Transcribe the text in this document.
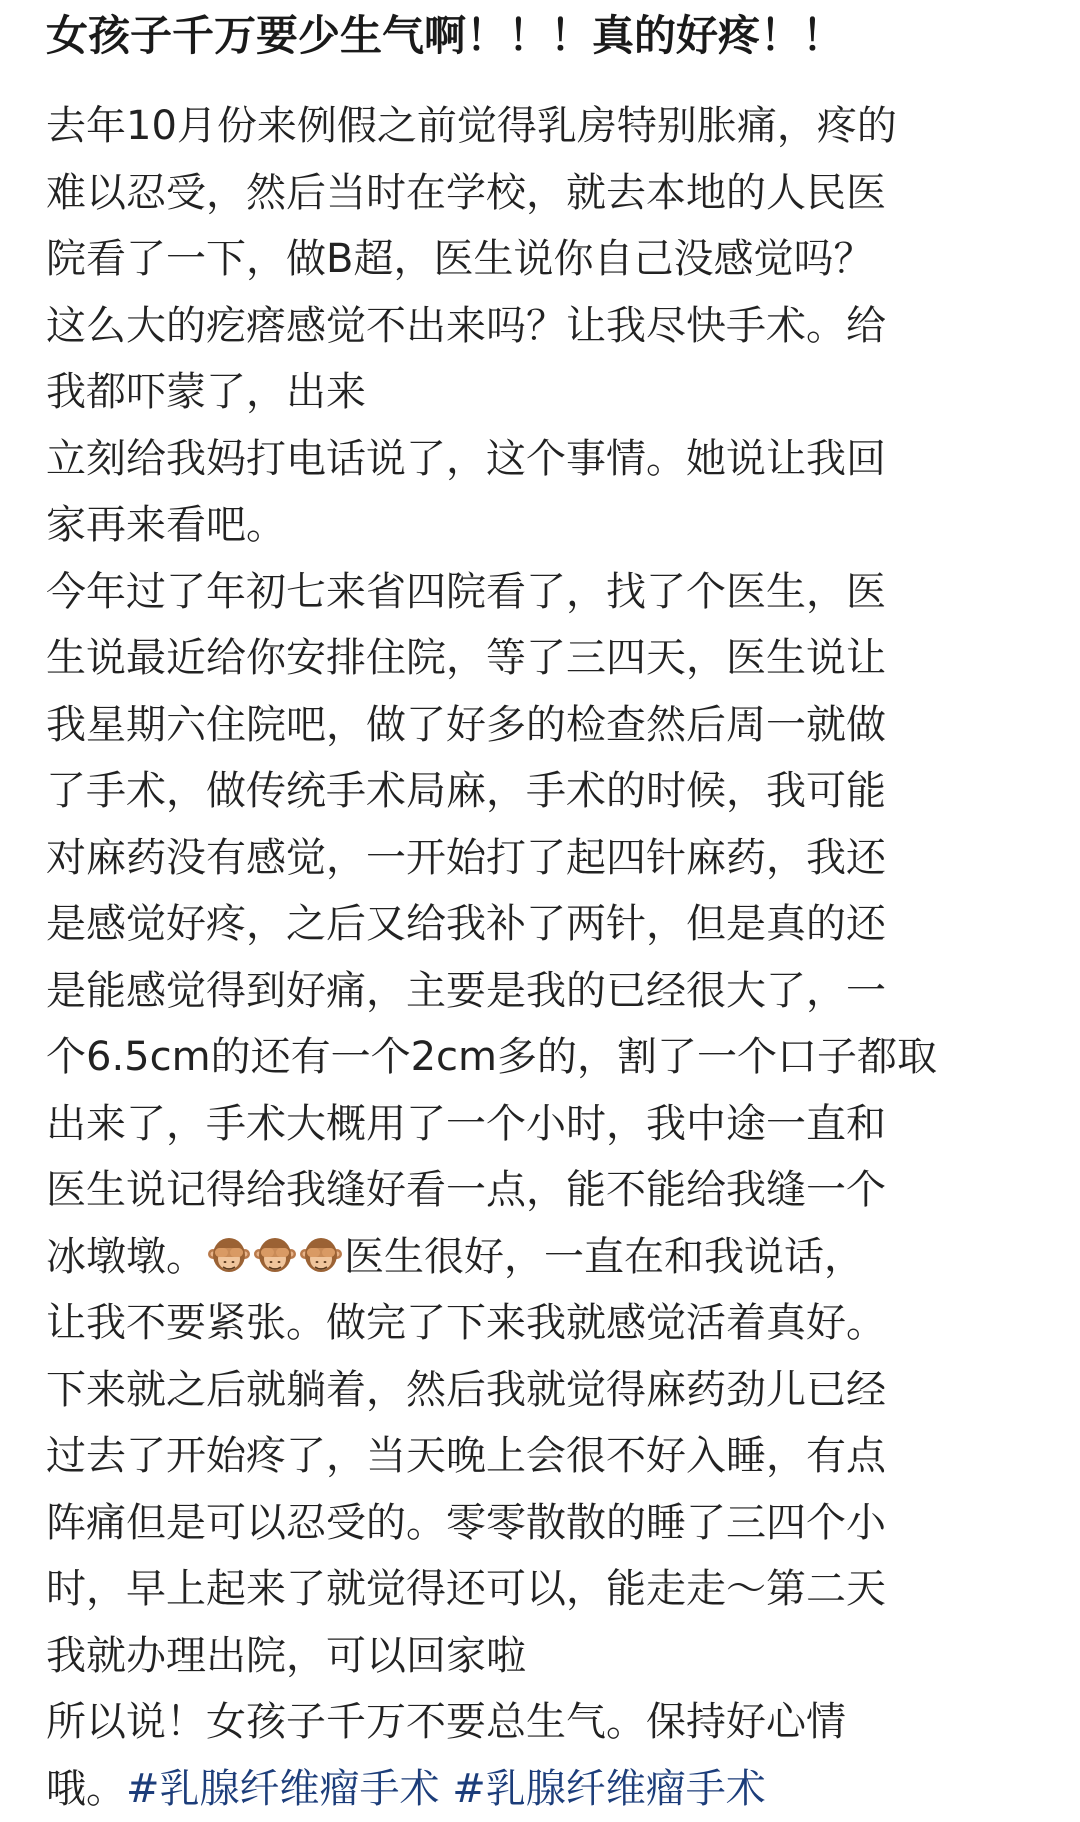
女孩子千万要少生气啊！！！真的好疼！！
去年10月份来例假之前觉得乳房特别胀痛，疼的
难以忍受，然后当时在学校，就去本地的人民医
院看了一下，做B超，医生说你自己没感觉吗？
这么大的疙瘩感觉不出来吗？让我尽快手术。给
我都吓蒙了，出来
立刻给我妈打电话说了，这个事情。她说让我回
家再来看吧。
今年过了年初七来省四院看了，找了个医生，医
生说最近给你安排住院，等了三四天，医生说让
我星期六住院吧，做了好多的检查然后周一就做
了手术，做传统手术局麻，手术的时候，我可能
对麻药没有感觉，一开始打了起四针麻药，我还
是感觉好疼，之后又给我补了两针，但是真的还
是能感觉得到好痛，主要是我的已经很大了，一
个6.5cm的还有一个2cm多的，割了一个口子都取
出来了，手术大概用了一个小时，我中途一直和
医生说记得给我缝好看一点，能不能给我缝一个
冰墩墩。	医生很好，一直在和我说话，
让我不要紧张。做完了下来我就感觉活着真好。
下来就之后就躺着，然后我就觉得麻药劲儿已经
过去了开始疼了，当天晚上会很不好入睡，有点
阵痛但是可以忍受的。零零散散的睡了三四个小
时，早上起来了就觉得还可以，能走走～第二天
我就办理出院，可以回家啦
所以说！女孩子千万不要总生气。保持好心情
哦。#乳腺纤维瘤手术 #乳腺纤维瘤手术
